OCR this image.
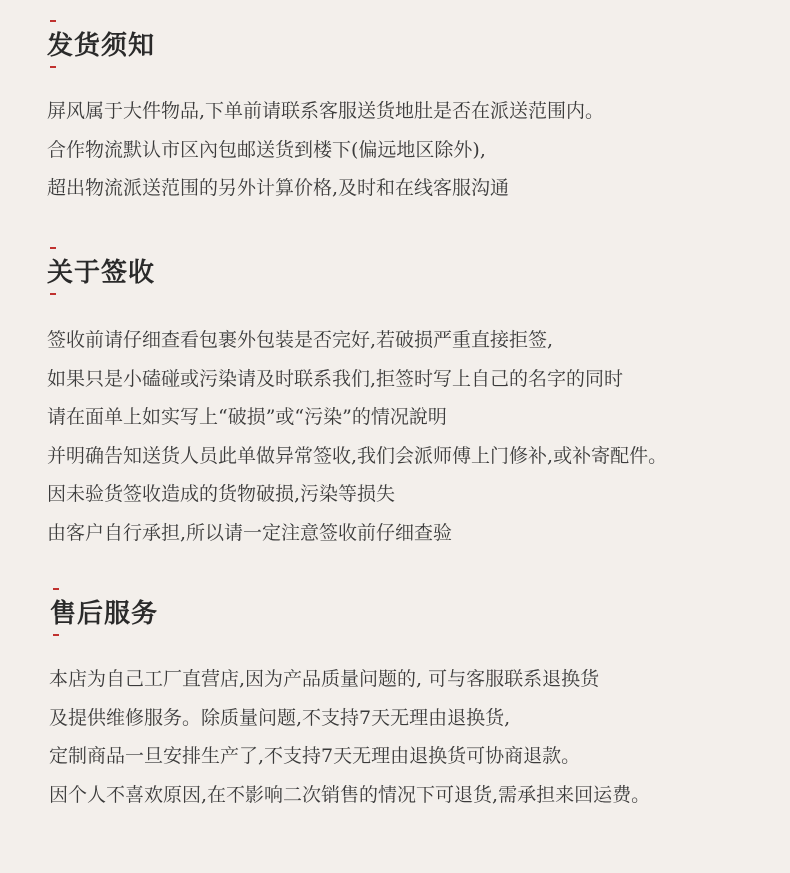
发货须知
屏风属于大件物品,下单前请联系客服送货地肚是否在派送范围内。
合作物流默认市区內包邮送货到楼下(偏远地区除外),
超出物流派送范围的另外计算价格,及时和在线客服沟通
关于签收
签收前请仔细查看包裹外包装是否完好,若破损严重直接拒签,
如果只是小磕碰或污染请及时联系我们,拒签时写上自己的名字的同时
请在面单上如实写上“破损”或“污染”的情况說明
并明确告知送货人员此单做异常签收,我们会派师傅上门修补,或补寄配件。
因未验货签收造成的货物破损,污染等损失
由客户自行承担,所以请一定注意签收前仔细查验
售后服务
本店为自己工厂直营店,因为产品质量问题的, 可与客服联系退换货
及提供维修服务。除质量问题,不支持7天无理由退换货,
定制商品一旦安排生产了,不支持7天无理由退换货可协商退款。
因个人不喜欢原因,在不影响二次销售的情况下可退货,需承担来回运费。
